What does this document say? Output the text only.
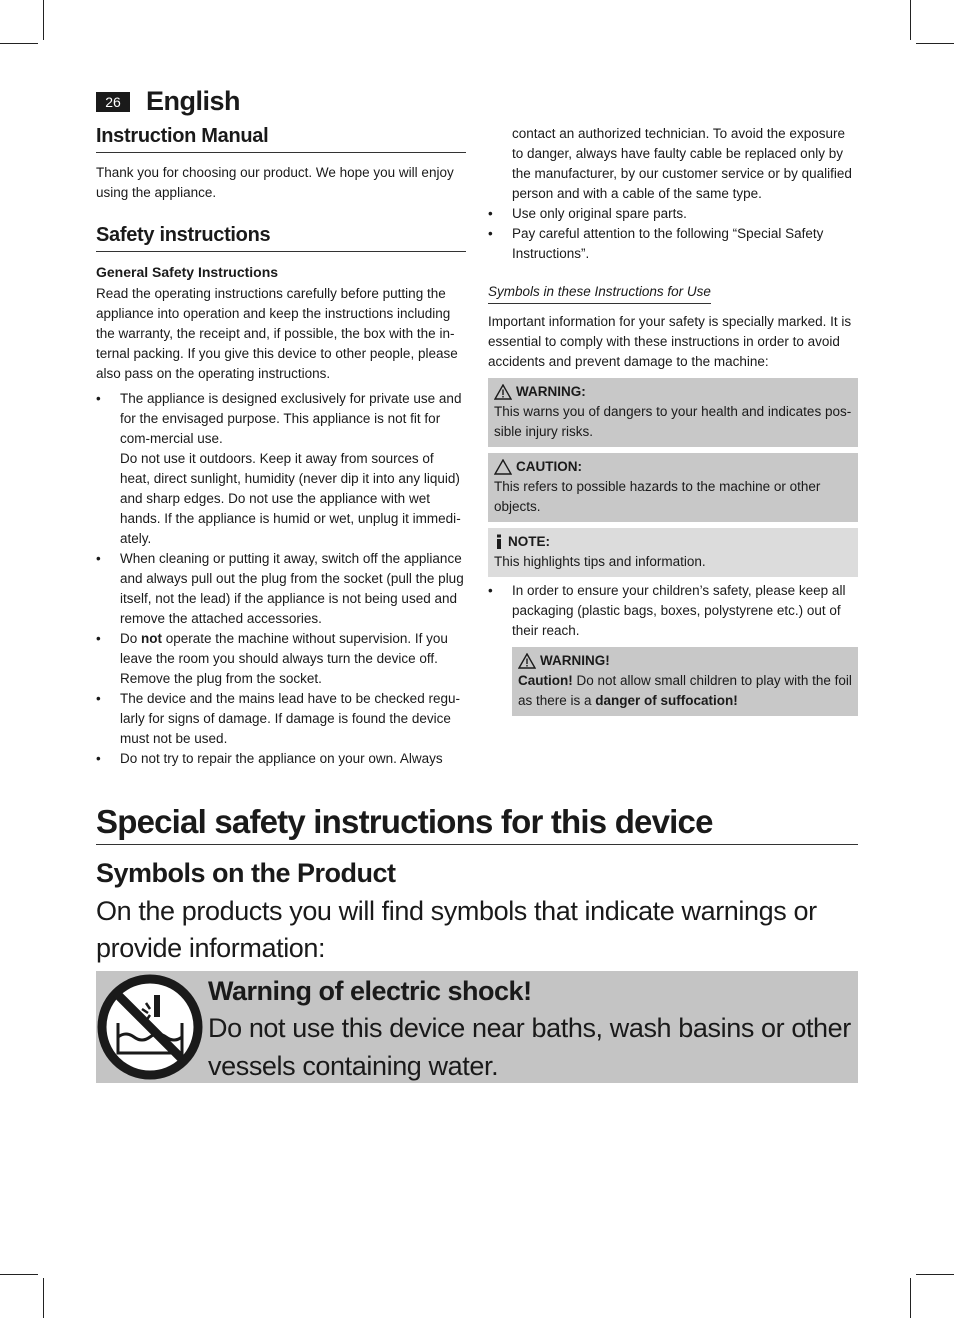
26 English
Instruction Manual

Thank you for choosing our product. We hope you will enjoy using the appliance.

Safety instructions
General Safety Instructions

Read the operating instructions carefully before putting the appliance into operation and keep the instructions including the warranty, the receipt and, if possible, the box with the internal packing. If you give this device to other people, please also pass on the operating instructions.

• The appliance is designed exclusively for private use and for the envisaged purpose. This appliance is not fit for com-mercial use.
Do not use it outdoors. Keep it away from sources of heat, direct sunlight, humidity (never dip it into any liquid) and sharp edges. Do not use the appliance with wet hands. If the appliance is humid or wet, unplug it immediately.
• When cleaning or putting it away, switch off the appliance and always pull out the plug from the socket (pull the plug itself, not the lead) if the appliance is not being used and remove the attached accessories.
• Do not operate the machine without supervision. If you leave the room you should always turn the device off. Remove the plug from the socket.
• The device and the mains lead have to be checked regularly for signs of damage. If damage is found the device must not be used.
• Do not try to repair the appliance on your own. Always

contact an authorized technician. To avoid the exposure to danger, always have faulty cable be replaced only by the manufacturer, by our customer service or by qualified person and with a cable of the same type.

• Use only original spare parts.
• Pay careful attention to the following “Special Safety Instructions”.
Symbols in these Instructions for Use

Important information for your safety is specially marked. It is essential to comply with these instructions in order to avoid accidents and prevent damage to the machine:

WARNING:

This warns you of dangers to your health and indicates possible injury risks.

CAUTION:

This refers to possible hazards to the machine or other objects.

NOTE:

This highlights tips and information.

• In order to ensure your children’s safety, please keep all packaging (plastic bags, boxes, polystyrene etc.) out of their reach.
WARNING!

Caution! Do not allow small children to play with the foil as there is a danger of suffocation!

Special safety instructions for this device
Symbols on the Product

On the products you will find symbols that indicate warnings or provide information:

Warning of electric shock!
Do not use this device near baths, wash basins or other vessels containing water.
